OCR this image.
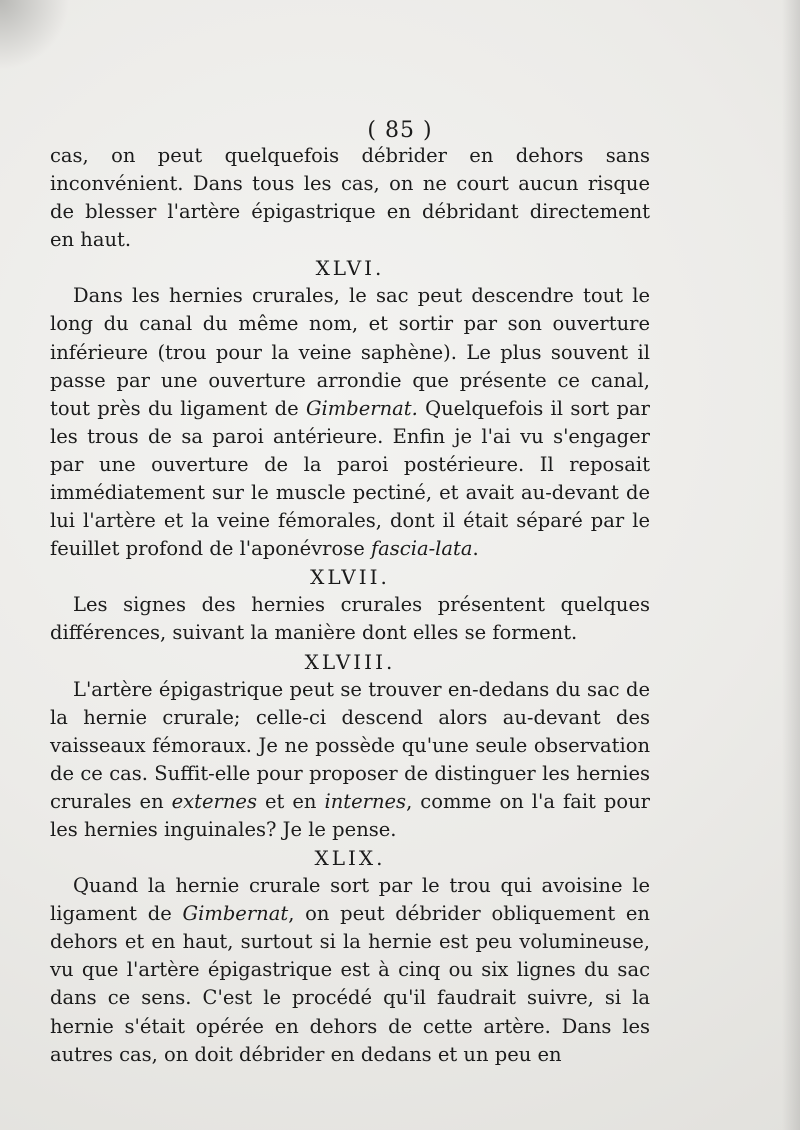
( 85 )

cas, on peut quelquefois débrider en dehors sans inconvénient. Dans tous les cas, on ne court aucun risque de blesser l'artère épigastrique en débridant directement en haut.

XLVI.

Dans les hernies crurales, le sac peut descendre tout le long du canal du même nom, et sortir par son ouverture inférieure (trou pour la veine saphène). Le plus souvent il passe par une ouverture arrondie que présente ce canal, tout près du ligament de Gimbernat. Quelquefois il sort par les trous de sa paroi antérieure. Enfin je l'ai vu s'engager par une ouverture de la paroi postérieure. Il reposait immédiatement sur le muscle pectiné, et avait au-devant de lui l'artère et la veine fémorales, dont il était séparé par le feuillet profond de l'aponévrose fascia-lata.

XLVII.

Les signes des hernies crurales présentent quelques différences, suivant la manière dont elles se forment.

XLVIII.

L'artère épigastrique peut se trouver en-dedans du sac de la hernie crurale; celle-ci descend alors au-devant des vaisseaux fémoraux. Je ne possède qu'une seule observation de ce cas. Suffit-elle pour proposer de distinguer les hernies crurales en externes et en internes, comme on l'a fait pour les hernies inguinales? Je le pense.

XLIX.

Quand la hernie crurale sort par le trou qui avoisine le ligament de Gimbernat, on peut débrider obliquement en dehors et en haut, surtout si la hernie est peu volumineuse, vu que l'artère épigastrique est à cinq ou six lignes du sac dans ce sens. C'est le procédé qu'il faudrait suivre, si la hernie s'était opérée en dehors de cette artère. Dans les autres cas, on doit débrider en dedans et un peu en
